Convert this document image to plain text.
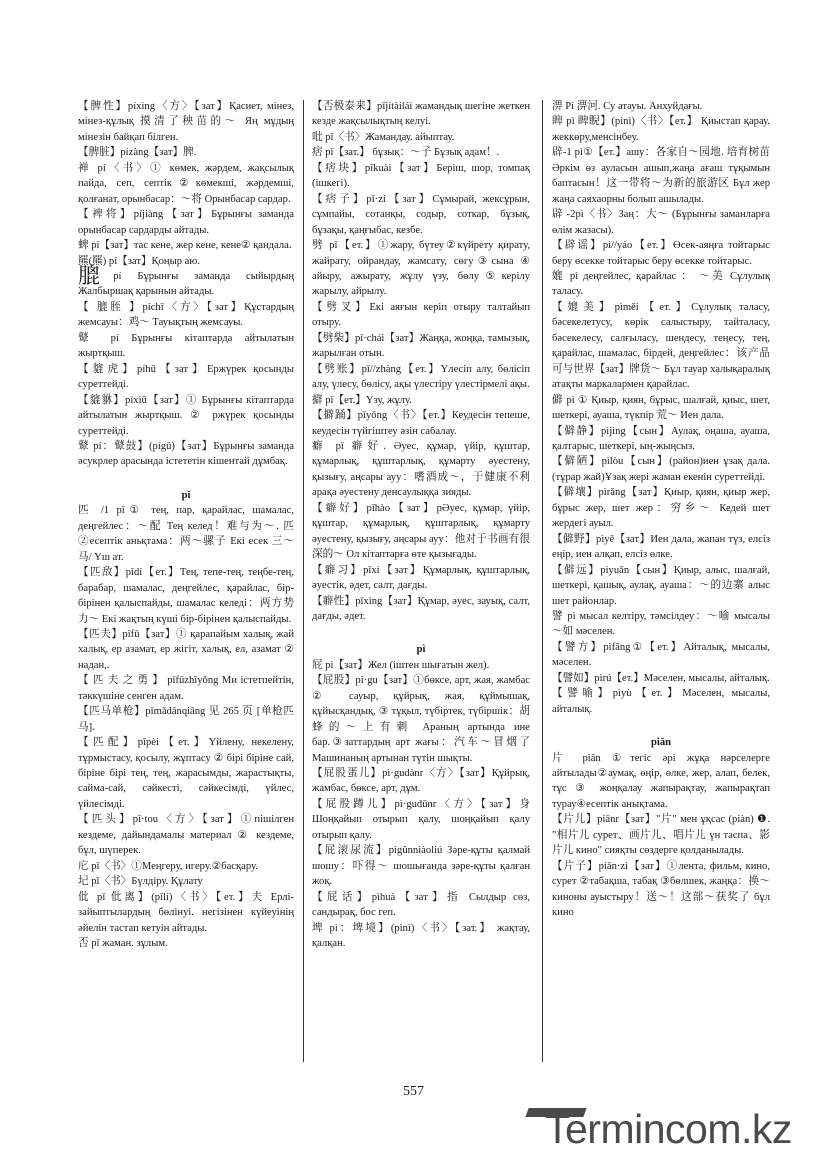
【脾性】píxìng〈方〉【зат】Қасиет, мінез, мінез-құлық 摸清了秧苗的～ Яң мұдың мінезін байқап білген.

【脾脏】pízàng【зат】脾.

禅 pí〈书〉① көмек, жәрдем, жақсылық пайда, сеп, септік②көмекші, жәрдемші, қолғанат, орынбасар：～将 Орынбасар сардар.

【裨将】píjiàng【зат】Бұрынғы заманда орынбасар сардарды айтады.

蜱 pí【зат】тас кене, жер кене, кене② қандала.

羆(羆) pí【зат】Қоңыр аю.

膍pí Бұрынғы заманда сыйырдың Жалбыршақ қарынын айтады.

【 膍胵 】píchī〈方〉【зат】Құстардың жемсауы：鸡～ Тауықтың жемсауы.

鼙 pí Бұрынғы кітаптарда айтылатын жыртқыш.

【貔虎】píhǔ【зат】Ержүрек қосынды суреттейді.

【貔貅】píxiū【зат】① Бұрынғы кітаптарда айтылатын жыртқыш. ② ржүрек қосынды суреттейді.

鼙 pí：鼙鼓】(pígǔ)【зат】Бұрынғы заманда әсукрлер арасында істететін кішентай дұмбақ.

pǐ

匹 /1 pǐ① тең, пар, қарайлас, шамалас, деңгейлес：～配 Тең келед！难与为～. 匹②есептік аньқтама：两～骡子 Екі есек 三～马/ Үш ат.

【匹敌】pǐdí【ет.】Тең, тепе-тең, теңбе-тең, барабар, шамалас, деңгейлес, қарайлас, бір-бірінен қалыспайды, шамалас келеді：两方势力～ Екі жақтың күші бір-бірінен қалыспайды.

【匹夫】pǐfū【зат】① қарапайым халық, жай халық, ер азамат, ер жігіт, халық, ел, азамат ② надан,.

【 匹 夫 之 勇 】 pǐfūzhīyǒng Ми істетпейтін, тәккүшіне сенген адам.

【匹马单枪】pǐmǎdānqiāng 见 265 页 [单枪匹马].

【匹配】pǐpèi【ет.】Үйлену, некелену, тұрмыстасу, қосылу, жұптасу ② бірі біріне сай, біріне бірі тең, тең, жарасымды, жарастықты, сайма-сай, сәйкесті, сәйкесімді, үйлес, үйлесімді.

【匹头】pǐ·tou〈方〉【зат】①пішілген кездеме, дайындамалы материал ② кездеме, бұл, шүперек.

庀 pǐ〈书〉①Меңгеру, игеру.②басқару.

圮 pǐ〈书〉Бүлдіру. Құлату

仳 pǐ 仳离】(pǐlí)〈书〉【ет.】夫 Ерлі-зайыптылардың бөлінуі. негізінен күйеуінің әйелін тастап кетуін айтады.

否 pǐ жаман. зұлым.

【否极泰来】pǐjítàilái жамандық шегіне жеткен кезде жақсылықтың келуі.

吡 pǐ〈书〉Жамандау. айыптау.

痞 pǐ【зат.】 бұзық：～子 Бұзық адам！.

【痞块】pǐkuài【зат】Беріш, шор, томпақ (ішкегі).

【痞子】pǐ·zi【зат】Сұмырай, жексұрын, сұмпайы, сотанқы, содыр, соткар, бұзық, бұзақы, қаңғыбас, кезбе.

劈 pǐ【ет.】①жару, бүтеу②күйрету қирату, жайрату, ойрандау, жамсату, сөгу③сына ④ айыру, ажырату, жұлу үзу, бөлу⑤керілу жарылу, айрылу.

【劈叉】Екі аяғын керіп отыру талтайып отыру.

【劈柴】pǐ·chái【зат】Жаңқа, жоңқа, тамызық, жарылған отын.

【劈账】pǐ//zhàng【ет.】Үлесіп алу, бөлісіп алу, үлесу, бөлісу, ақы үлестіру үлестірмелі ақы.

擗 pǐ【ет.】Үзу, жұлу.

【擗踊】pǐyǒng〈书〉【ет.】Кеудесін тепеше, кеудесін түйгіштеу әзін сабалау.

癖 pǐ 癖好. Әуес, құмар, үйір, құштар, құмарлық, құштарлық, құмарту әуестену, қызығу, аңсары ауу：嗜酒成～，于健康不利 арақа әуестену денсаулыққа зияды.

【癖好】pǐhào【зат】рӘуес, құмар, үйір, құштар, құмарлық, құштарлық, құмарту әуестену, қызығу, аңсары ауу：他对于书画有很深的～ Ол кітаптарға өте қызығады.

【癖习】pǐxí【зат】Құмарлық, құштарлық, әуестік, әдет, салт, дағды.

【癖性】pǐxìng【зат】Құмар, әуес, зауық, салт, дағды, әдет.

pì

屁 pì【зат】Жел (іштен шығатын жел).

【屁股】pì·gu【зат】①бөксе, арт, жая, жамбас ② сауыр, құйрық, жая, құймышақ, құйысқандық, ③ тұқыл, түбіртек, түбіршік：胡蜂的～上有刺 Араның артында ине бар.③заттардың арт жағы：汽车～冒烟了 Машинаның артынан түтін шықты.

【屁股蛋儿】pì·gudànr〈方〉【зат】Құйрық, жамбас, бөксе, арт, дұм.

【屁股蹲儿】pì·gudūnr〈方〉【зат】身 Шоңқайып отырып қалу, шоңқайып қалу отырып қалу.

【屁滚尿流】pìgǔnniàoliú Зәре-құты қалмай шошу：吓得～ шошығанда зәре-құты қалған жоқ.

【屁话】pìhuà【зат】指 Сылдыр сөз, сандырақ, бос геп.

埤 pì：埤境】(pìnì)〈书〉【зат.】 жақтау, қалқан.

淠 Pì 淠河. Су атауы. Анхуйдағы.

睥 pì 睥睨】(pìnì)〈书〉【ет.】 Қиыстап қарау. жеккөру,менсінбеу.

辟-1 pì①【ет.】ашу：各家自～园地. 培育树苗 Әркім өз ауласын ашып,жаңа ағаш тұқымын баптасын！这一带将～为新的旅游区 Бұл жер жаңа саяхаорны болып ашылады.

辟 -2pì〈书〉Заң：大～ (Бұрынғы заманларға өлім жазасы).

【辟谣】pì//yáo【ет.】Өсек-аяңға тойтарыс беру өсекке тойтарыс беру өсекке тойтарыс.

媲 pì деңгейлес, қарайлас ： ～美 Сұлулық таласу.

【媲美】pìměi【ет.】Сұлулық таласу, бәсекелетусу, көрік салыстыру, тайталасу, бәсекелесу, салғыласу, шендесу, теңесу, тең, қарайлас, шамалас, бірдей, деңгейлес：该产品可与世界【зат】牌货～ Бұл тауар халықаралық атақты маркалармен қарайлас.

僻 pì ① Қиыр, қиян, бұрыс, шалғай, қиыс, шет, шеткері, ауаша, түкпір 荒～ Иен дала.

【僻静】pìjìng【сын】Аулақ, оңаша, ауаша, қалтарыс, шеткері, ың-жыңсыз.

【僻陋】pìlòu【сын】(район)иен ұзақ дала. (тұрар жай)Ұзақ жері жаман екенін суреттейді.

【僻壤】pìrǎng【зат】Қиыр, қиян, қиыр жер, бұрыс жер, шет жер：穷乡～ Кедей шет жердегі ауыл.

【僻野】pìyě【зат】Иен дала, жапан түз, елсіз еңір, иен алқап, елсіз өлке.

【僻远】pìyuǎn【сын】Қиыр, алыс, шалғай, шеткері, қашық, аулақ, ауаша：～的边寨 алыс шет районлар.

譬 pì мысал келтіру, тәмсілдеу：～喻 мысалы ～如 мәселен.

【譬方】pìfāng①【ет.】Айталық, мысалы, мәселен.

【譬如】pìrú【ет.】Мәселен, мысалы, айталық.

【譬喻】pìyù【ет.】Мәселен, мысалы, айталық.

piān

片 piān ①тегіс әрі жұқа нәрселерге айтылады②аумақ, өңір, өлке, жер, алап, белек, тұс ③ жоңқалау жапырақтау, жапырақтап турау④есептік анықтама.

【片儿】piānr【зат】"片" мен ұқсас (piàn) ❶. "相片儿 сурет、画片儿、唱片儿 үн таспа、影片儿 кино" сияқты сөздерге қолданылады.

【片子】piān·zi【зат】①лента, фильм, кино, сурет ②табақша, табақ ③бөлшек, жаңқа：换～ киноны ауыстыру！送～！这部～获奖了 бұл кино

557
Termincom.kz
